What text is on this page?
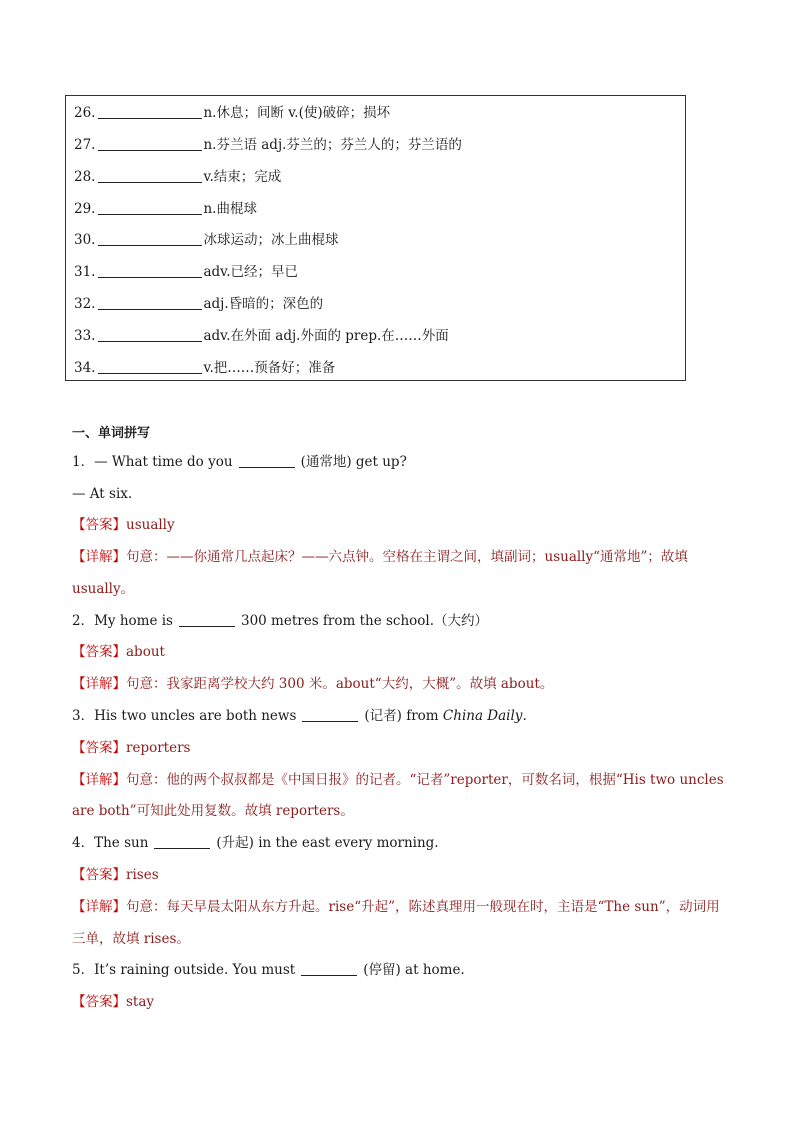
26.	n.休息；间断 v.(使)破碎；损坏
27.	n.芬兰语 adj.芬兰的；芬兰人的；芬兰语的
28.	v.结束；完成
29.	n.曲棍球
30.	冰球运动；冰上曲棍球
31.	adv.已经；早已
32.	adj.昏暗的；深色的
33.	adv.在外面 adj.外面的 prep.在……外面
34.	v.把……预备好；准备
一、单词拼写
1．— What time do you	(通常地) get up?
— At six.
【答案】usually
【详解】句意：——你通常几点起床？——六点钟。空格在主谓之间，填副词；usually“通常地”；故填
usually。
2．My home is	300 metres from the school.（大约）
【答案】about
【详解】句意：我家距离学校大约 300 米。about“大约，大概”。故填 about。
3．His two uncles are both news	(记者) from China Daily.
【答案】reporters
【详解】句意：他的两个叔叔都是《中国日报》的记者。“记者”reporter，可数名词，根据“His two uncles
are both”可知此处用复数。故填 reporters。
4．The sun	(升起) in the east every morning.
【答案】rises
【详解】句意：每天早晨太阳从东方升起。rise“升起”，陈述真理用一般现在时，主语是“The sun”，动词用
三单，故填 rises。
5．It’s raining outside. You must	(停留) at home.
【答案】stay
